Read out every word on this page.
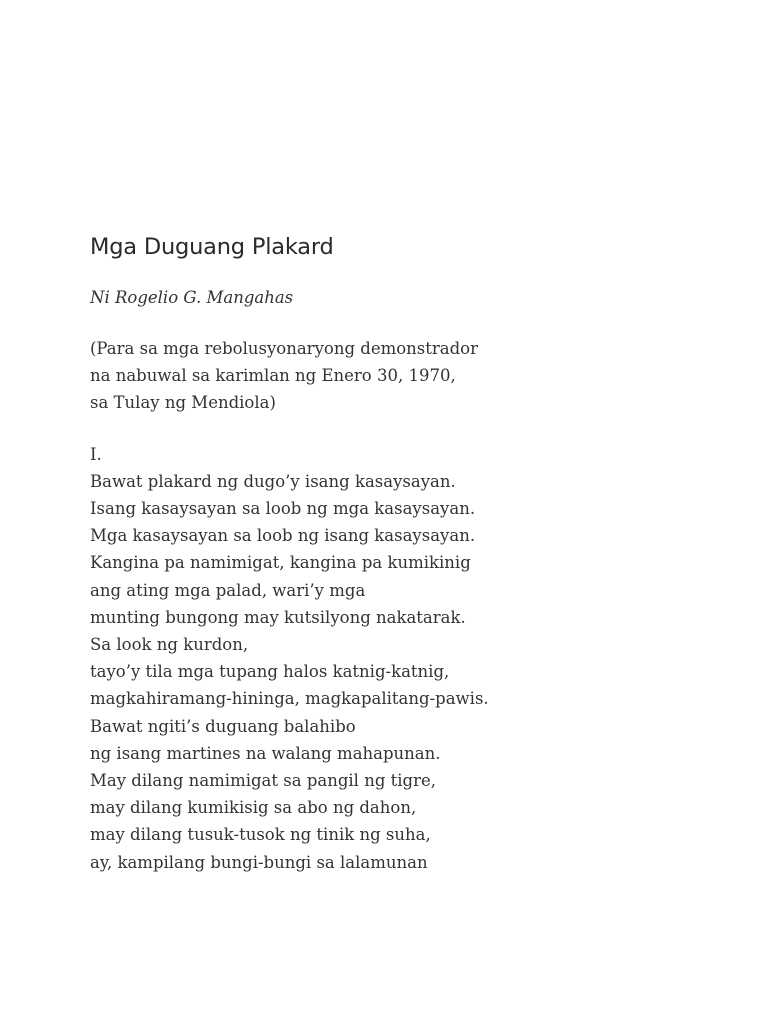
Mga Duguang Plakard
Ni Rogelio G. Mangahas
(Para sa mga rebolusyonaryong demonstrador
na nabuwal sa karimlan ng Enero 30, 1970,
sa Tulay ng Mendiola)
I.
Bawat plakard ng dugo’y isang kasaysayan.
Isang kasaysayan sa loob ng mga kasaysayan.
Mga kasaysayan sa loob ng isang kasaysayan.
Kangina pa namimigat, kangina pa kumikinig
ang ating mga palad, wari’y mga
munting bungong may kutsilyong nakatarak.
Sa look ng kurdon,
tayo’y tila mga tupang halos katnig-katnig,
magkahiramang-hininga, magkapalitang-pawis.
Bawat ngiti’s duguang balahibo
ng isang martines na walang mahapunan.
May dilang namimigat sa pangil ng tigre,
may dilang kumikisig sa abo ng dahon,
may dilang tusuk-tusok ng tinik ng suha,
ay, kampilang bungi-bungi sa lalamunan
